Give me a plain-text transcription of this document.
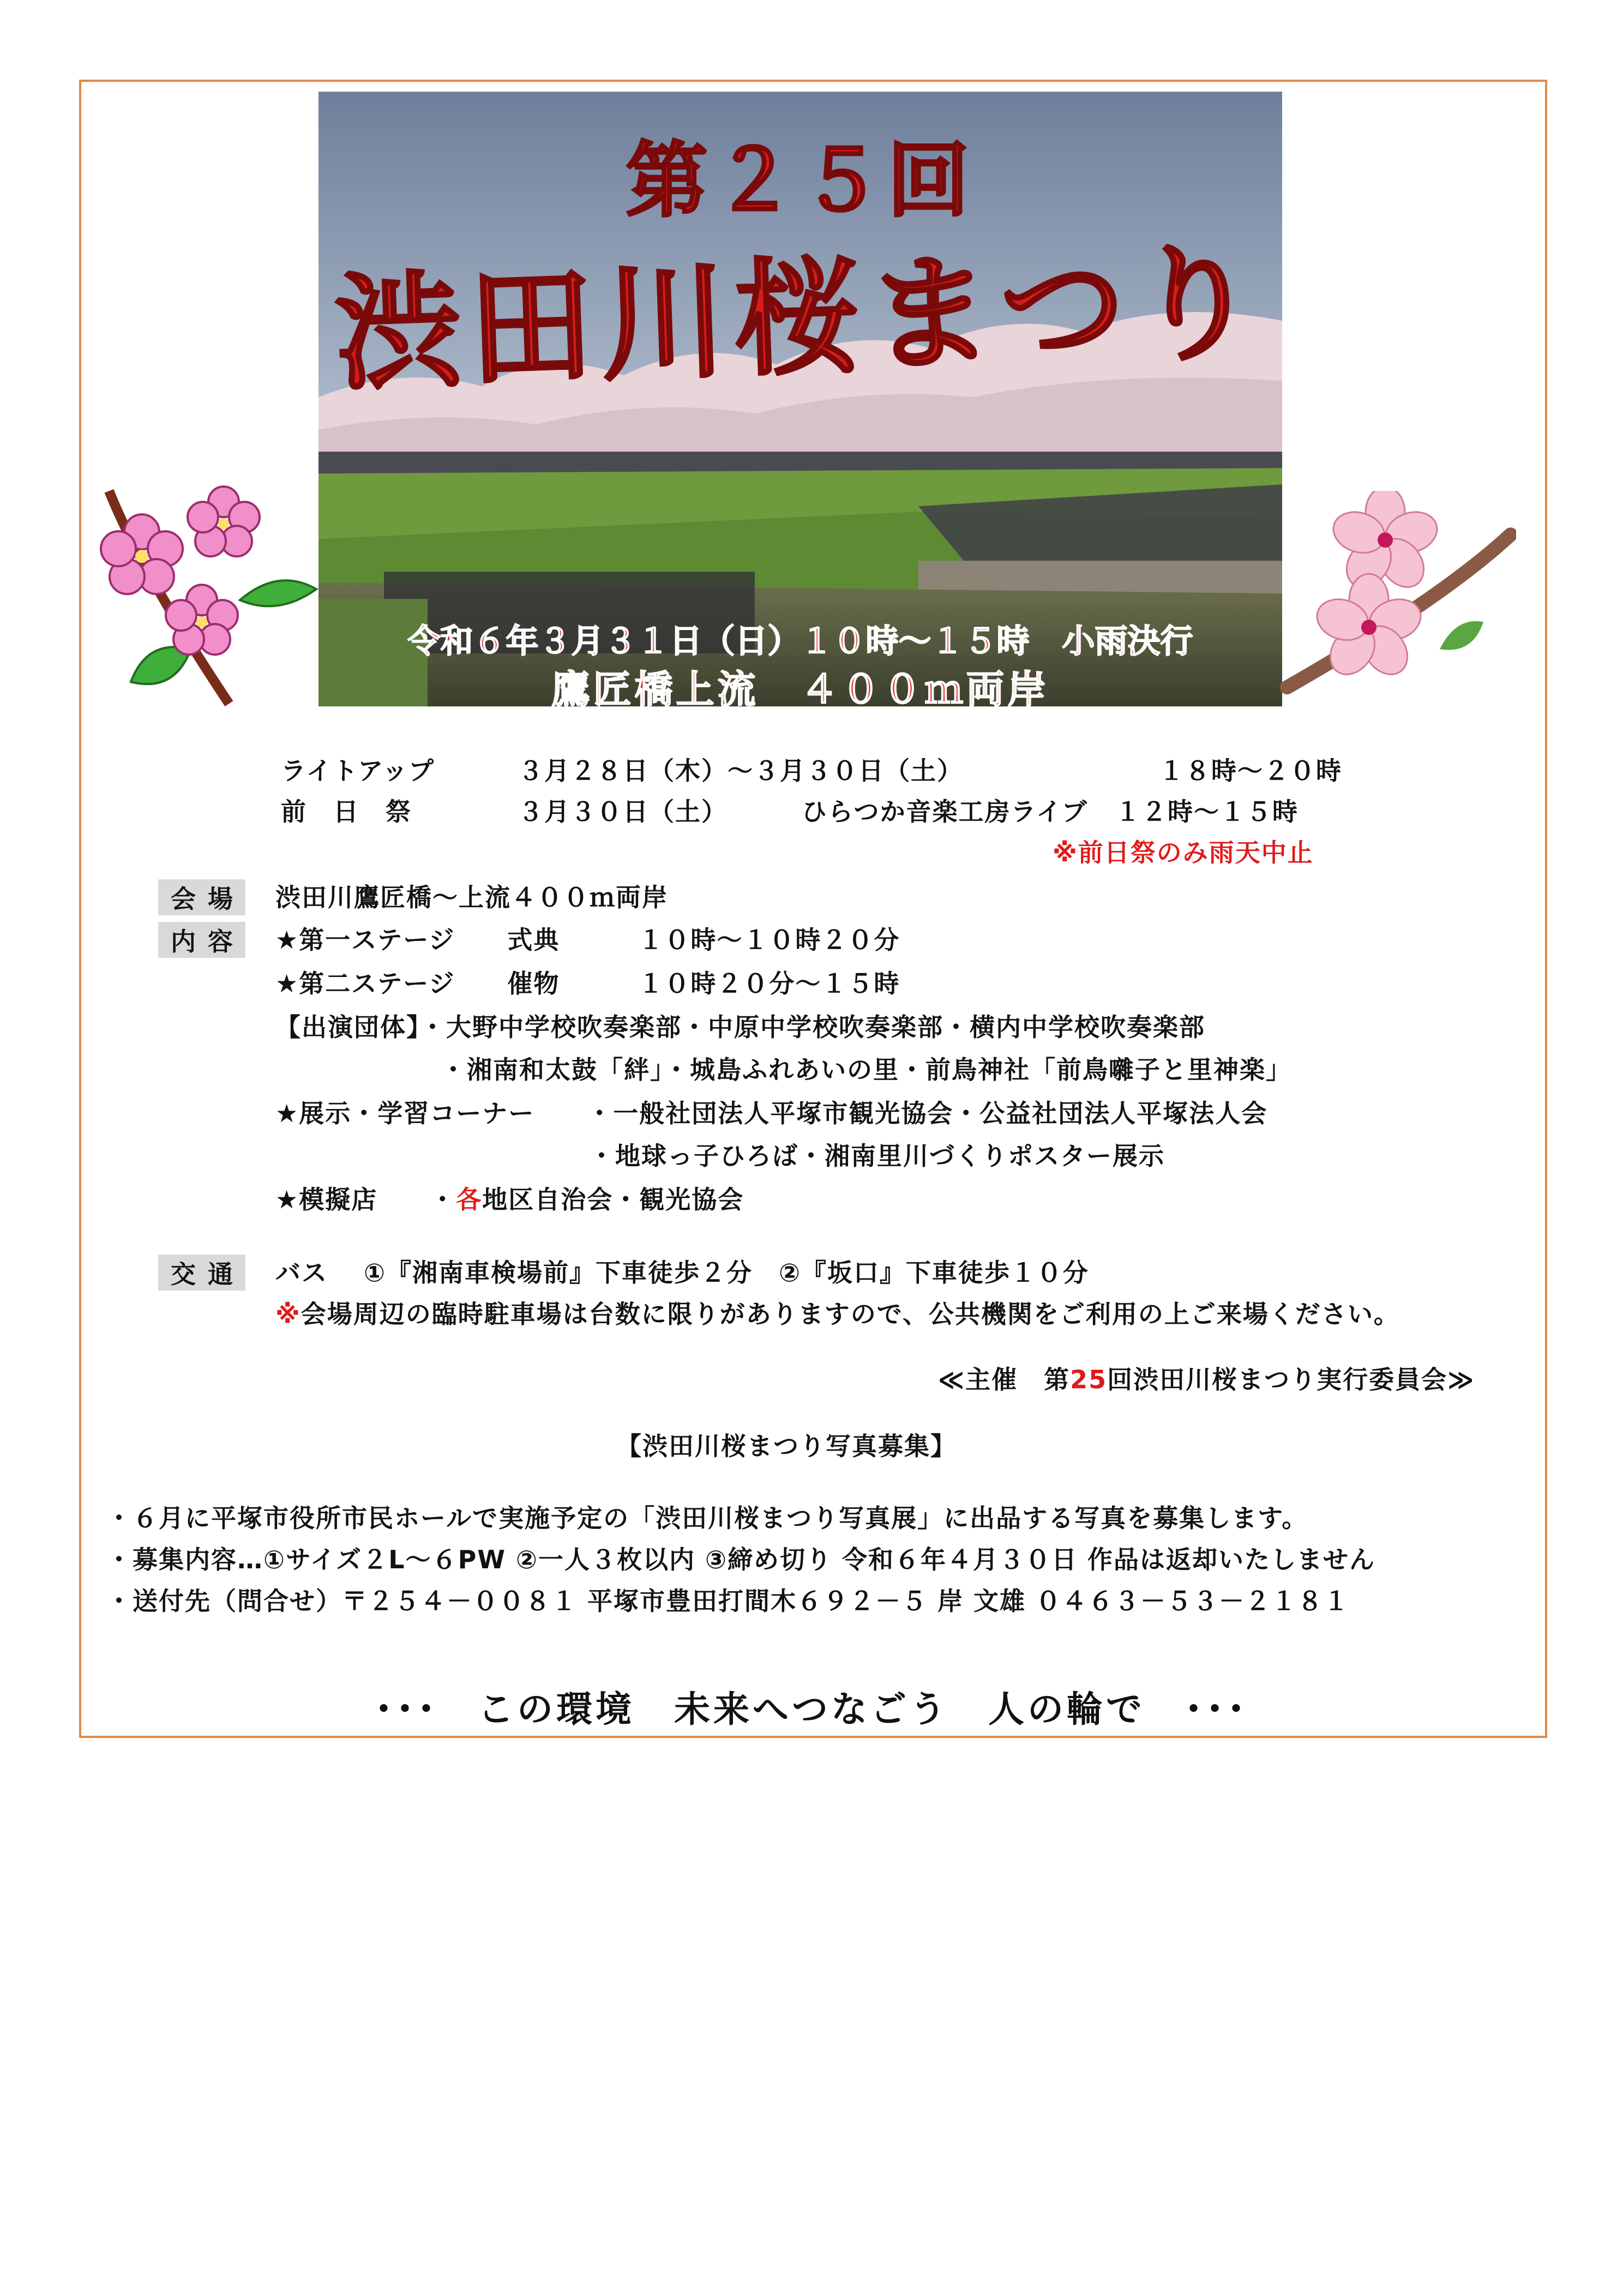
第２５回
渋田川桜まつり
令和６年３月３１日（日）１０時～１５時　小雨決行
鷹匠橋上流　４００ｍ両岸
ライトアップ	３月２８日（木）～３月３０日（土）	１８時～２０時
前　日　祭	３月３０日（土）	ひらつか音楽工房ライブ １２時～１５時
※前日祭のみ雨天中止
会 場 渋田川鷹匠橋～上流４００ｍ両岸
内 容 ★第一ステージ　　式典　　　１０時～１０時２０分
★第二ステージ　　催物　　　１０時２０分～１５時
【出演団体】・大野中学校吹奏楽部・中原中学校吹奏楽部・横内中学校吹奏楽部
・湘南和太鼓「絆」・城島ふれあいの里・前鳥神社「前鳥囃子と里神楽」
★展示・学習コーナー　　・一般社団法人平塚市観光協会・公益社団法人平塚法人会
・地球っ子ひろば・湘南里川づくりポスター展示
★模擬店　　・各地区自治会・観光協会
交 通 バス　 ①『湘南車検場前』下車徒歩２分　②『坂口』下車徒歩１０分
※会場周辺の臨時駐車場は台数に限りがありますので、公共機関をご利用の上ご来場ください。
≪主催　第25回渋田川桜まつり実行委員会≫
【渋田川桜まつり写真募集】
・６月に平塚市役所市民ホールで実施予定の「渋田川桜まつり写真展」に出品する写真を募集します。
・募集内容…①サイズ２L～６PW ②一人３枚以内 ③締め切り 令和６年４月３０日 作品は返却いたしません
・送付先（問合せ）〒２５４－００８１ 平塚市豊田打間木６９２－５ 岸 文雄 ０４６３－５３－２１８１
･･･　この環境　未来へつなごう　人の輪で　･･･
